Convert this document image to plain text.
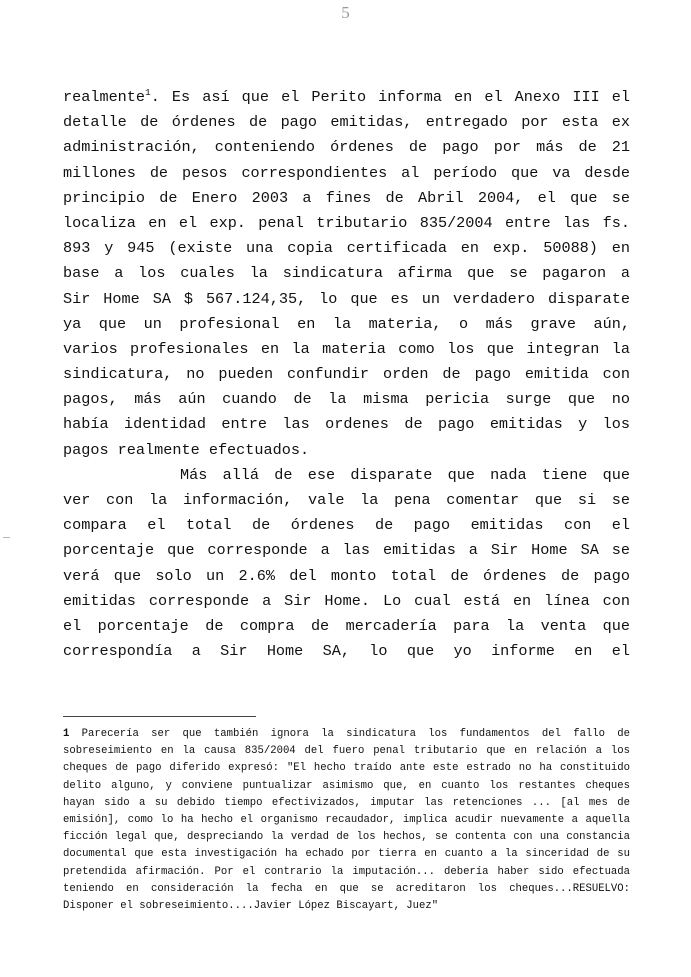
5
realmente$^1$. Es así que el Perito informa en el Anexo III el
detalle de órdenes de pago emitidas, entregado por esta ex
administración, conteniendo órdenes de pago por más de 21
millones de pesos correspondientes al período que va desde
principio de Enero 2003 a fines de Abril 2004, el que se
localiza en el exp. penal tributario 835/2004 entre las fs.
893 y 945 (existe una copia certificada en exp. 50088) en
base a los cuales la sindicatura afirma que se pagaron a
Sir Home SA $ 567.124,35, lo que es un verdadero disparate
ya que un profesional en la materia, o más grave aún,
varios profesionales en la materia como los que integran la
sindicatura, no pueden confundir orden de pago emitida con
pagos, más aún cuando de la misma pericia surge que no
había identidad entre las ordenes de pago emitidas y los
pagos realmente efectuados.
Más allá de ese disparate que nada tiene que
ver con la información, vale la pena comentar que si se
compara el total de órdenes de pago emitidas con el
porcentaje que corresponde a las emitidas a Sir Home SA se
verá que solo un 2.6% del monto total de órdenes de pago
emitidas corresponde a Sir Home. Lo cual está en línea con
el porcentaje de compra de mercadería para la venta que
correspondía a Sir Home SA, lo que yo informe en el
1 Parecería ser que también ignora la sindicatura los fundamentos del fallo de
sobreseimiento en la causa 835/2004 del fuero penal tributario que en relación a los
cheques de pago diferido expresó: "El hecho traído ante este estrado no ha constituido
delito alguno, y conviene puntualizar asimismo que, en cuanto los restantes cheques
hayan sido a su debido tiempo efectivizados, imputar las retenciones ... [al mes de
emisión], como lo ha hecho el organismo recaudador, implica acudir nuevamente a aquella
ficción legal que, despreciando la verdad de los hechos, se contenta con una constancia
documental que esta investigación ha echado por tierra en cuanto a la sinceridad de su
pretendida afirmación. Por el contrario la imputación... debería haber sido efectuada
teniendo en consideración la fecha en que se acreditaron los cheques...RESUELVO:
Disponer el sobreseimiento....Javier López Biscayart, Juez"
